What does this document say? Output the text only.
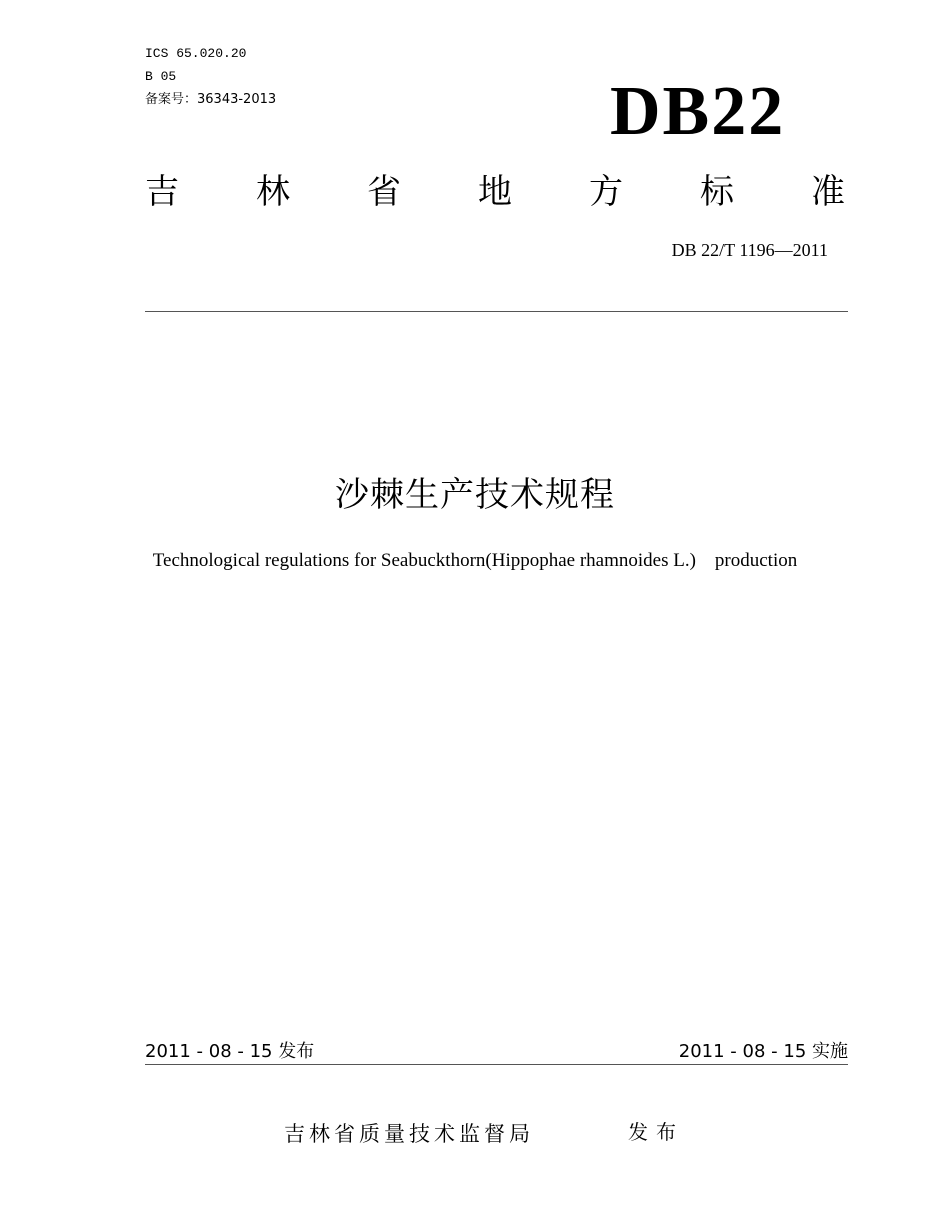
ICS 65.020.20
B 05
备案号：36343-2013	DB22
吉 林 省 地 方 标 准
DB 22/T 1196—2011
沙棘生产技术规程
Technological regulations for Seabuckthorn(Hippophae rhamnoides L.)    production
2011 - 08 - 15 发布	2011 - 08 - 15 实施
吉林省质量技术监督局	发布
